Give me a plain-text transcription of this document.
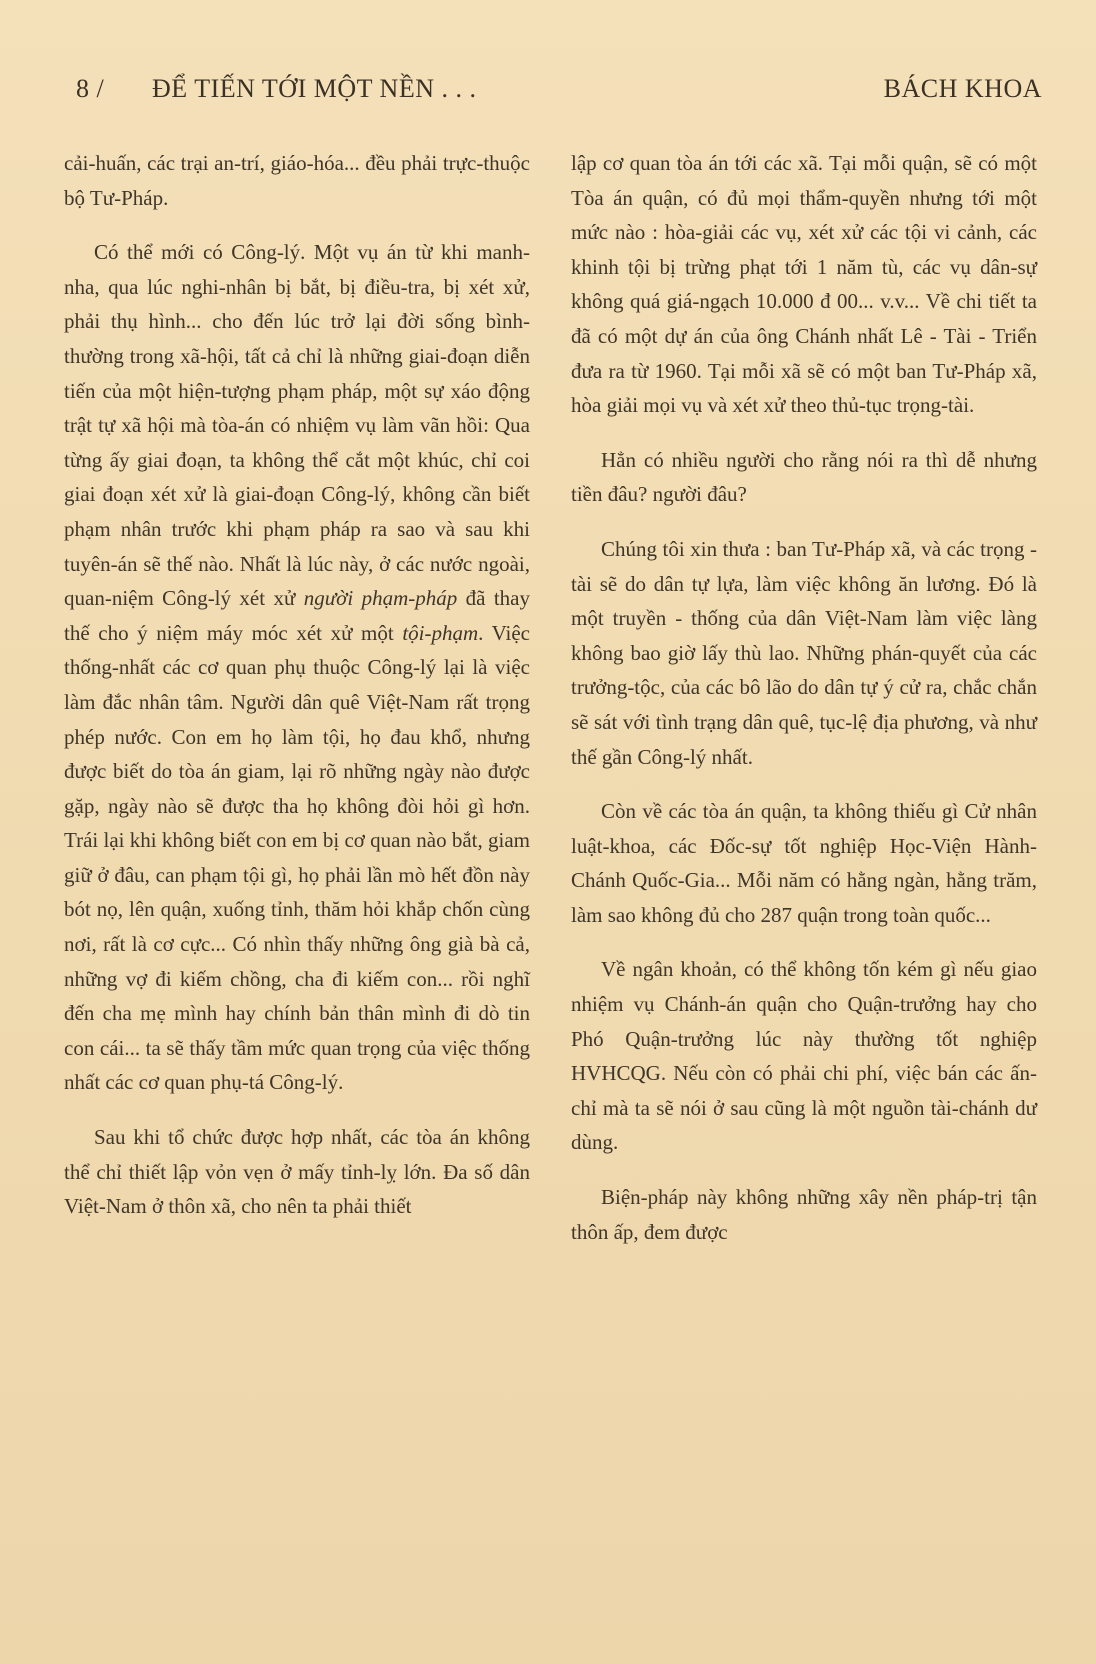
8 / ĐỂ TIẾN TỚI MỘT NỀN . . .	BÁCH KHOA

cải-huấn, các trại an-trí, giáo-hóa... đều phải trực-thuộc bộ Tư-Pháp.

Có thể mới có Công-lý. Một vụ án từ khi manh-nha, qua lúc nghi-nhân bị bắt, bị điều-tra, bị xét xử, phải thụ hình... cho đến lúc trở lại đời sống bình-thường trong xã-hội, tất cả chỉ là những giai-đoạn diễn tiến của một hiện-tượng phạm pháp, một sự xáo động trật tự xã hội mà tòa-án có nhiệm vụ làm vãn hồi: Qua từng ấy giai đoạn, ta không thể cắt một khúc, chỉ coi giai đoạn xét xử là giai-đoạn Công-lý, không cần biết phạm nhân trước khi phạm pháp ra sao và sau khi tuyên-án sẽ thế nào. Nhất là lúc này, ở các nước ngoài, quan-niệm Công-lý xét xử người phạm-pháp đã thay thế cho ý niệm máy móc xét xử một tội-phạm. Việc thống-nhất các cơ quan phụ thuộc Công-lý lại là việc làm đắc nhân tâm. Người dân quê Việt-Nam rất trọng phép nước. Con em họ làm tội, họ đau khổ, nhưng được biết do tòa án giam, lại rõ những ngày nào được gặp, ngày nào sẽ được tha họ không đòi hỏi gì hơn. Trái lại khi không biết con em bị cơ quan nào bắt, giam giữ ở đâu, can phạm tội gì, họ phải lần mò hết đồn này bót nọ, lên quận, xuống tỉnh, thăm hỏi khắp chốn cùng nơi, rất là cơ cực... Có nhìn thấy những ông già bà cả, những vợ đi kiếm chồng, cha đi kiếm con... rồi nghĩ đến cha mẹ mình hay chính bản thân mình đi dò tin con cái... ta sẽ thấy tầm mức quan trọng của việc thống nhất các cơ quan phụ-tá Công-lý.

Sau khi tổ chức được hợp nhất, các tòa án không thể chỉ thiết lập vỏn vẹn ở mấy tỉnh-lỵ lớn. Đa số dân Việt-Nam ở thôn xã, cho nên ta phải thiết

lập cơ quan tòa án tới các xã. Tại mỗi quận, sẽ có một Tòa án quận, có đủ mọi thẩm-quyền nhưng tới một mức nào : hòa-giải các vụ, xét xử các tội vi cảnh, các khinh tội bị trừng phạt tới 1 năm tù, các vụ dân-sự không quá giá-ngạch 10.000 đ 00... v.v... Về chi tiết ta đã có một dự án của ông Chánh nhất Lê - Tài - Triển đưa ra từ 1960. Tại mỗi xã sẽ có một ban Tư-Pháp xã, hòa giải mọi vụ và xét xử theo thủ-tục trọng-tài.

Hẳn có nhiều người cho rằng nói ra thì dễ nhưng tiền đâu? người đâu?

Chúng tôi xin thưa : ban Tư-Pháp xã, và các trọng - tài sẽ do dân tự lựa, làm việc không ăn lương. Đó là một truyền - thống của dân Việt-Nam làm việc làng không bao giờ lấy thù lao. Những phán-quyết của các trưởng-tộc, của các bô lão do dân tự ý cử ra, chắc chắn sẽ sát với tình trạng dân quê, tục-lệ địa phương, và như thế gần Công-lý nhất.

Còn về các tòa án quận, ta không thiếu gì Cử nhân luật-khoa, các Đốc-sự tốt nghiệp Học-Viện Hành-Chánh Quốc-Gia... Mỗi năm có hằng ngàn, hằng trăm, làm sao không đủ cho 287 quận trong toàn quốc...

Về ngân khoản, có thể không tốn kém gì nếu giao nhiệm vụ Chánh-án quận cho Quận-trưởng hay cho Phó Quận-trưởng lúc này thường tốt nghiệp HVHCQG. Nếu còn có phải chi phí, việc bán các ấn-chỉ mà ta sẽ nói ở sau cũng là một nguồn tài-chánh dư dùng.

Biện-pháp này không những xây nền pháp-trị tận thôn ấp, đem được
